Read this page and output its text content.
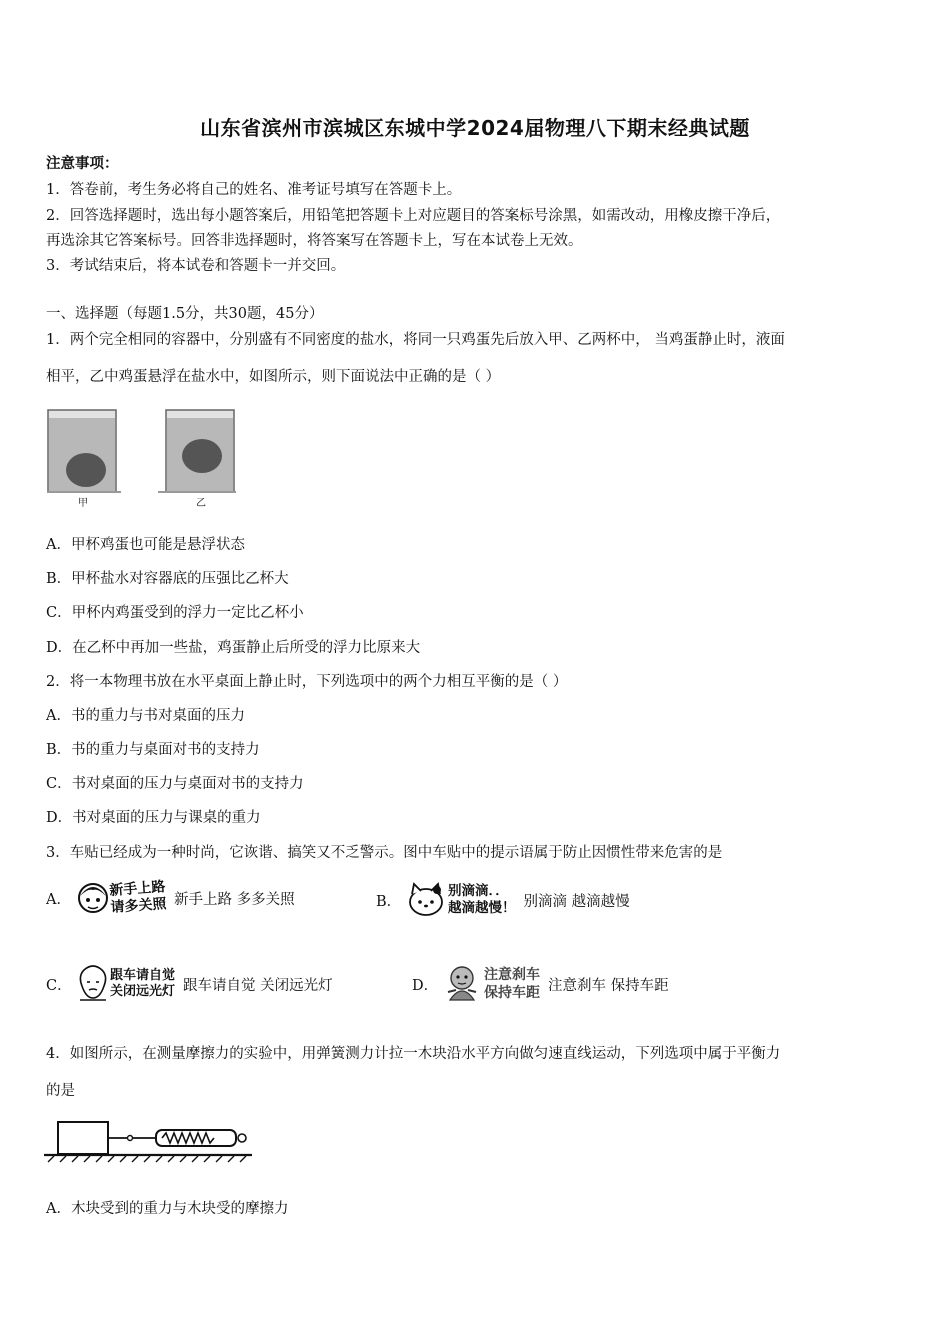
山东省滨州市滨城区东城中学2024届物理八下期末经典试题
注意事项：
1．答卷前，考生务必将自己的姓名、准考证号填写在答题卡上。
2．回答选择题时，选出每小题答案后，用铅笔把答题卡上对应题目的答案标号涂黑，如需改动，用橡皮擦干净后，
再选涂其它答案标号。回答非选择题时，将答案写在答题卡上，写在本试卷上无效。
3．考试结束后，将本试卷和答题卡一并交回。
一、选择题（每题1.5分，共30题，45分）
1．两个完全相同的容器中，分别盛有不同密度的盐水，将同一只鸡蛋先后放入甲、乙两杯中， 当鸡蛋静止时，液面
相平，乙中鸡蛋悬浮在盐水中，如图所示，则下面说法中正确的是（ ）
甲	乙
A．甲杯鸡蛋也可能是悬浮状态
B．甲杯盐水对容器底的压强比乙杯大
C．甲杯内鸡蛋受到的浮力一定比乙杯小
D．在乙杯中再加一些盐，鸡蛋静止后所受的浮力比原来大
2．将一本物理书放在水平桌面上静止时，下列选项中的两个力相互平衡的是（ ）
A．书的重力与书对桌面的压力
B．书的重力与桌面对书的支持力
C．书对桌面的压力与桌面对书的支持力
D．书对桌面的压力与课桌的重力
3．车贴已经成为一种时尚，它诙谐、搞笑又不乏警示。图中车贴中的提示语属于防止因惯性带来危害的是
A．
新手上路
请多关照 新手上路 多多关照	B．
别滴滴．．
越滴越慢！ 别滴滴 越滴越慢
C．
跟车请自觉
关闭远光灯 跟车请自觉 关闭远光灯	D．
注意刹车
保持车距 注意刹车 保持车距
4．如图所示，在测量摩擦力的实验中，用弹簧测力计拉一木块沿水平方向做匀速直线运动，下列选项中属于平衡力
的是
A．木块受到的重力与木块受的摩擦力
